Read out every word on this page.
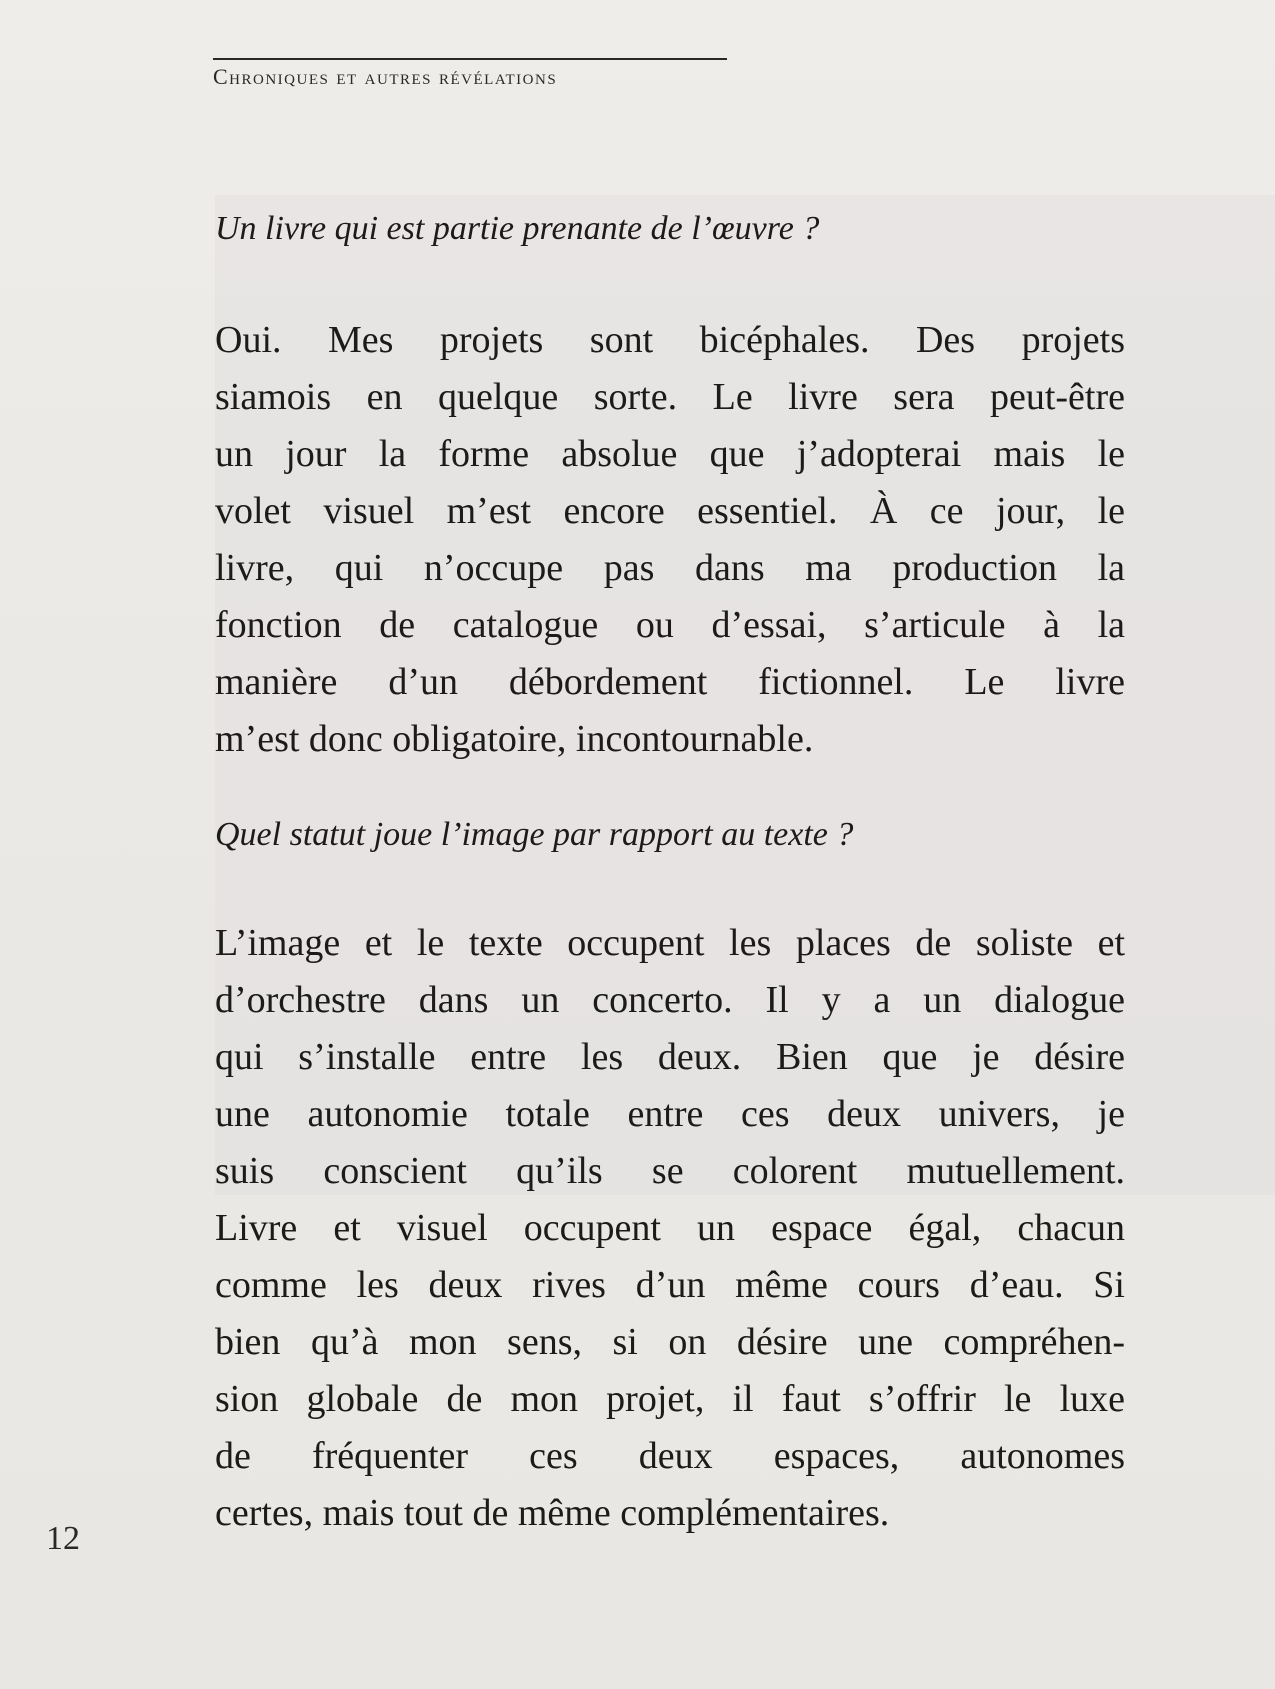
Chroniques et autres révélations

Un livre qui est partie prenante de l’œuvre ?

Oui. Mes projets sont bicéphales. Des projets
siamois en quelque sorte. Le livre sera peut-être
un jour la forme absolue que j’adopterai mais le
volet visuel m’est encore essentiel. À ce jour, le
livre, qui n’occupe pas dans ma production la
fonction de catalogue ou d’essai, s’articule à la
manière d’un débordement fictionnel. Le livre
m’est donc obligatoire, incontournable.

Quel statut joue l’image par rapport au texte ?

L’image et le texte occupent les places de soliste et
d’orchestre dans un concerto. Il y a un dialogue
qui s’installe entre les deux. Bien que je désire
une autonomie totale entre ces deux univers, je
suis conscient qu’ils se colorent mutuellement.
Livre et visuel occupent un espace égal, chacun
comme les deux rives d’un même cours d’eau. Si
bien qu’à mon sens, si on désire une compréhen-
sion globale de mon projet, il faut s’offrir le luxe
de fréquenter ces deux espaces, autonomes
certes, mais tout de même complémentaires.
12
